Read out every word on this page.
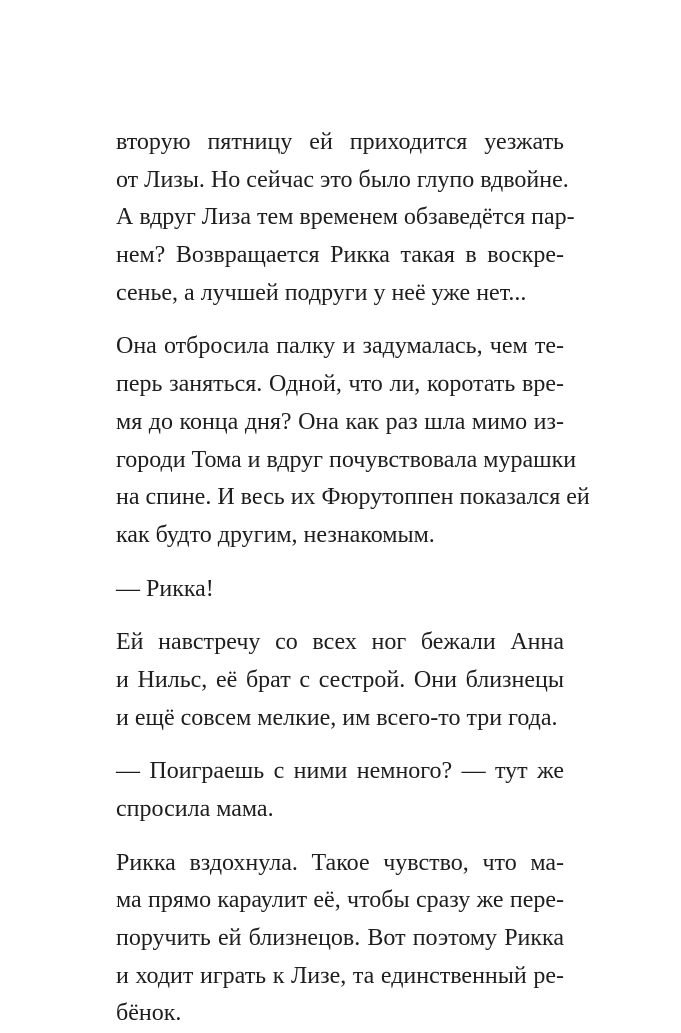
вторую пятницу ей приходится уезжать
от Лизы. Но сейчас это было глупо вдвойне.
А вдруг Лиза тем временем обзаведётся пар-
нем? Возвращается Рикка такая в воскре-
сенье, а лучшей подруги у неё уже нет...
Она отбросила палку и задумалась, чем те-
перь заняться. Одной, что ли, коротать вре-
мя до конца дня? Она как раз шла мимо из-
городи Тома и вдруг почувствовала мурашки
на спине. И весь их Фюрутоппен показался ей
как будто другим, незнакомым.
— Рикка!
Ей навстречу со всех ног бежали Анна
и Нильс, её брат с сестрой. Они близнецы
и ещё совсем мелкие, им всего-то три года.
— Поиграешь с ними немного? — тут же
спросила мама.
Рикка вздохнула. Такое чувство, что ма-
ма прямо караулит её, чтобы сразу же пере-
поручить ей близнецов. Вот поэтому Рикка
и ходит играть к Лизе, та единственный ре-
бёнок.
